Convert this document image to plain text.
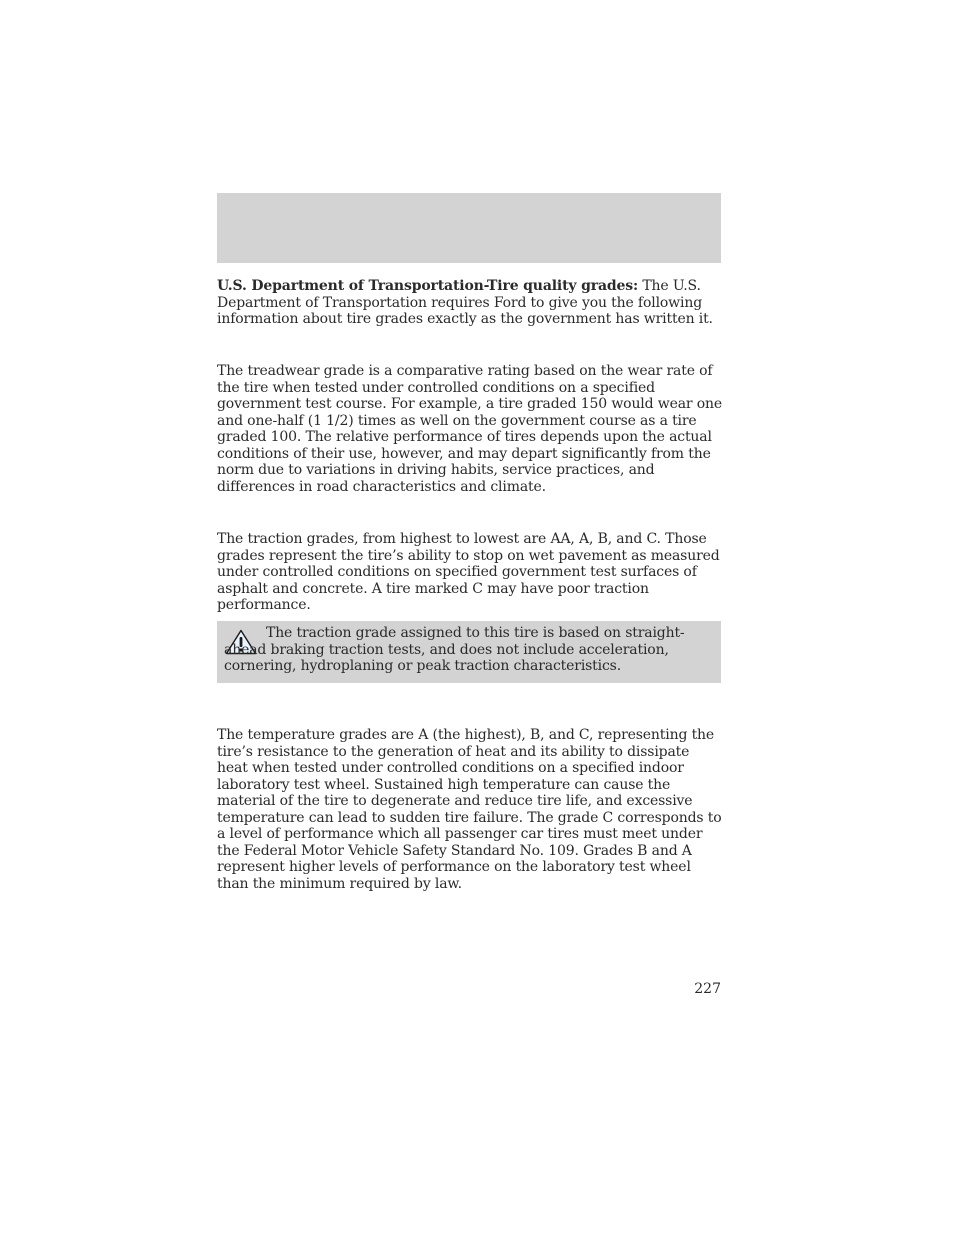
U.S. Department of Transportation-Tire quality grades: The U.S. Department of Transportation requires Ford to give you the following information about tire grades exactly as the government has written it.

The treadwear grade is a comparative rating based on the wear rate of the tire when tested under controlled conditions on a specified government test course. For example, a tire graded 150 would wear one and one-half (1 1/2) times as well on the government course as a tire graded 100. The relative performance of tires depends upon the actual conditions of their use, however, and may depart significantly from the norm due to variations in driving habits, service practices, and differences in road characteristics and climate.

The traction grades, from highest to lowest are AA, A, B, and C. Those grades represent the tire’s ability to stop on wet pavement as measured under controlled conditions on specified government test surfaces of asphalt and concrete. A tire marked C may have poor traction performance.

The traction grade assigned to this tire is based on straight-ahead braking traction tests, and does not include acceleration, cornering, hydroplaning or peak traction characteristics.

The temperature grades are A (the highest), B, and C, representing the tire’s resistance to the generation of heat and its ability to dissipate heat when tested under controlled conditions on a specified indoor laboratory test wheel. Sustained high temperature can cause the material of the tire to degenerate and reduce tire life, and excessive temperature can lead to sudden tire failure. The grade C corresponds to a level of performance which all passenger car tires must meet under the Federal Motor Vehicle Safety Standard No. 109. Grades B and A represent higher levels of performance on the laboratory test wheel than the minimum required by law.

227
